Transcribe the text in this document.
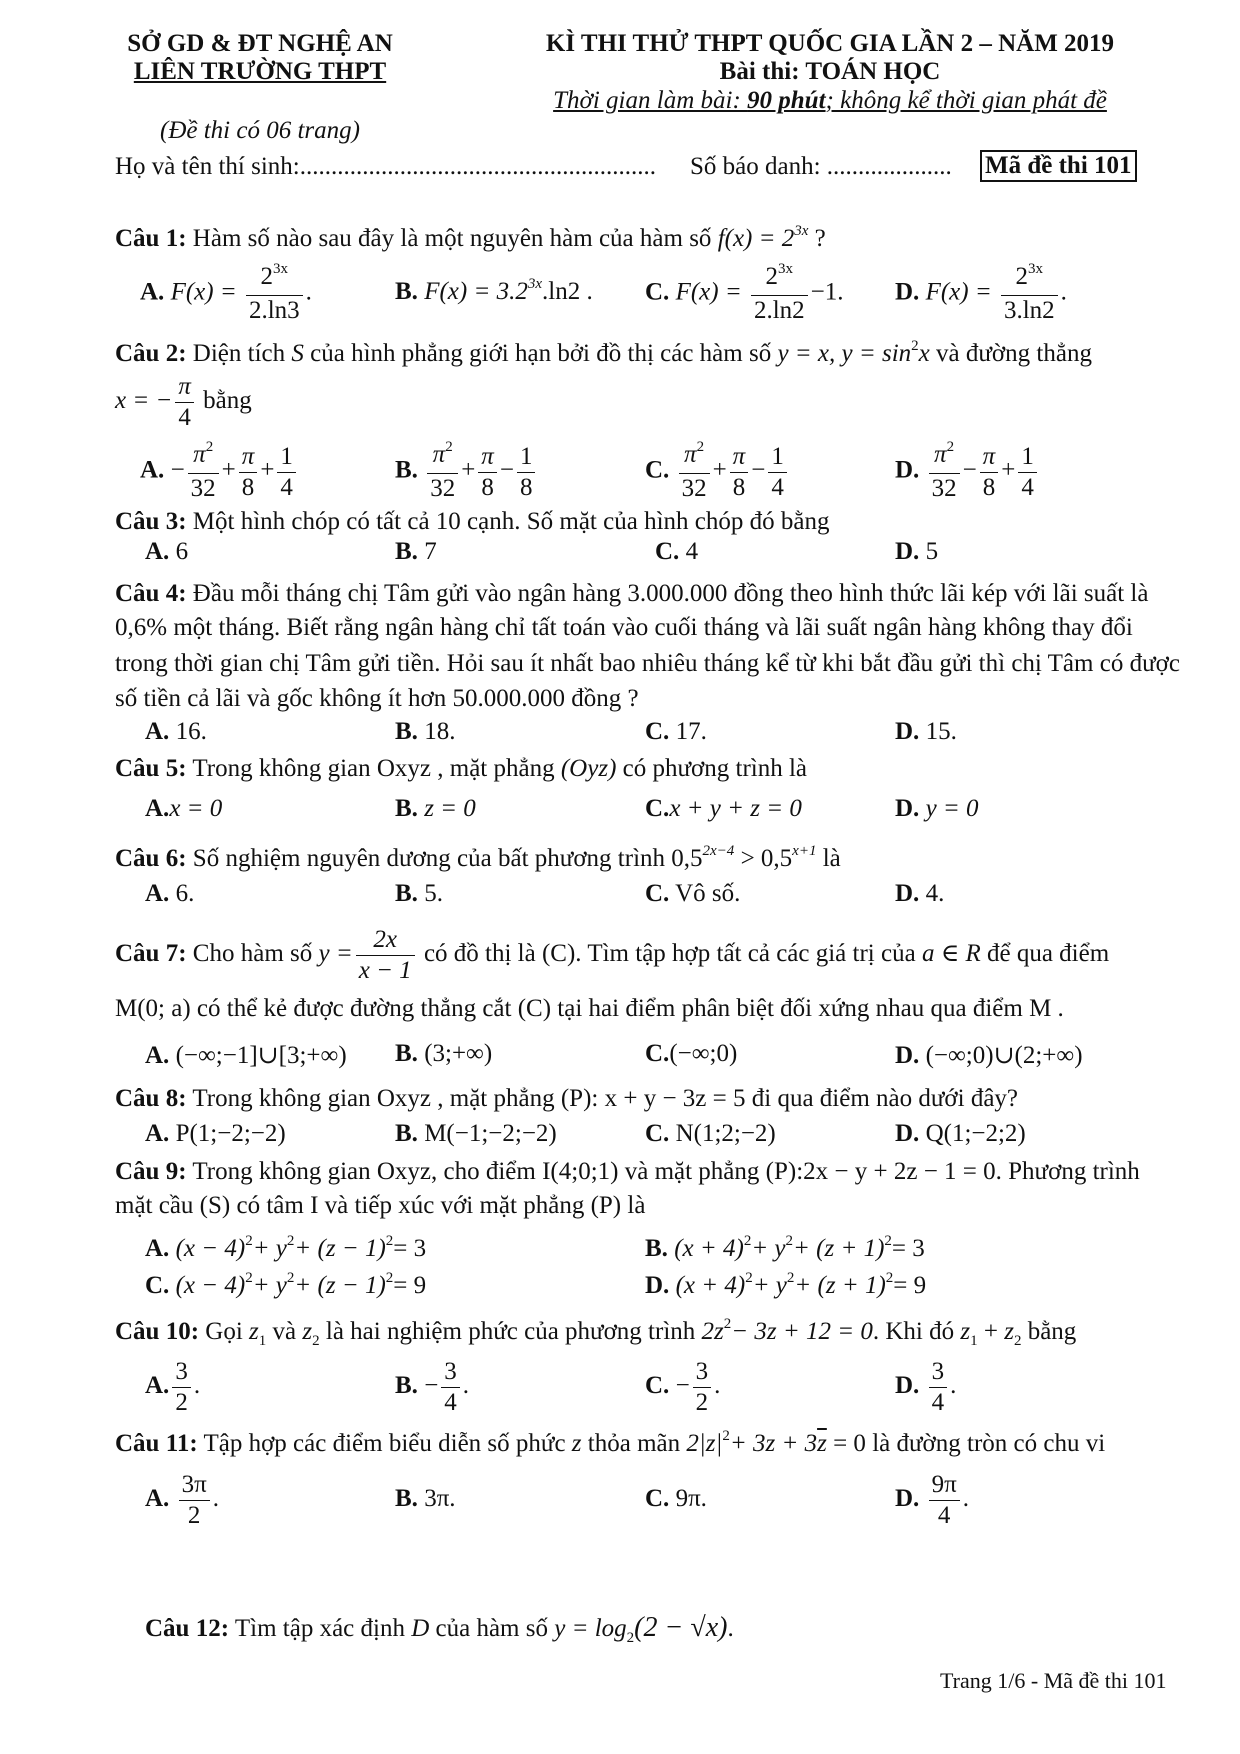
SỞ GD & ĐT NGHỆ AN
LIÊN TRƯỜNG THPT
(Đề thi có 06 trang)
KÌ THI THỬ THPT QUỐC GIA LẦN 2 – NĂM 2019
Bài thi: TOÁN HỌC
Thời gian làm bài: 90 phút; không kể thời gian phát đề
Họ và tên thí sinh:......................................................... Số báo danh: .................... Mã đề thi 101
Câu 1: Hàm số nào sau đây là một nguyên hàm của hàm số $f(x) = 2^{3x}$ ?
A. $F(x) = \frac{2^{3x}}{2.\ln 3}$ .	B. $F(x) = 3.2^{3x}.\ln 2$ . C. $F(x) = \frac{2^{3x}}{2.\ln 2} -1$. D. $F(x) = \frac{2^{3x}}{3.\ln 2}$ .
Câu 2: Diện tích S của hình phẳng giới hạn bởi đồ thị các hàm số y = x, $y = \sin^2x$ và đường thẳng
x = − $\frac{\pi}{4}$ bằng
A. − $\frac{\pi^2}{32} + \frac{\pi}{8} + \frac{1}{4}$	B. $\frac{\pi^2}{32} + \frac{\pi}{8} - \frac{1}{8}$	C. $\frac{\pi^2}{32} + \frac{\pi}{8} - \frac{1}{4}$	D. $\frac{\pi^2}{32} - \frac{\pi}{8} + \frac{1}{4}$
Câu 3: Một hình chóp có tất cả 10 cạnh. Số mặt của hình chóp đó bằng
A. 6	B. 7	C. 4	D. 5
Câu 4: Đầu mỗi tháng chị Tâm gửi vào ngân hàng 3.000.000 đồng theo hình thức lãi kép với lãi suất là
0,6% một tháng. Biết rằng ngân hàng chỉ tất toán vào cuối tháng và lãi suất ngân hàng không thay đổi
trong thời gian chị Tâm gửi tiền. Hỏi sau ít nhất bao nhiêu tháng kể từ khi bắt đầu gửi thì chị Tâm có được
số tiền cả lãi và gốc không ít hơn 50.000.000 đồng ?
A. 16.	B. 18.	C. 17.	D. 15.
Câu 5: Trong không gian Oxyz , mặt phẳng (Oyz) có phương trình là
A.x = 0	B. z = 0	C.x + y + z = 0	D. y = 0
Câu 6: Số nghiệm nguyên dương của bất phương trình $0,5^{2x-4} > 0,5^{x+1}$ là
A. 6.	B. 5.	C. Vô số.	D. 4.
Câu 7: Cho hàm số $y = \frac{2x}{x - 1}$ có đồ thị là (C). Tìm tập hợp tất cả các giá trị của a ∈ R để qua điểm
M(0; a) có thể kẻ được đường thẳng cắt (C) tại hai điểm phân biệt đối xứng nhau qua điểm M .
A. (−∞;−1]∪[3;+∞) B. (3;+∞)	C.(−∞;0)	D. (−∞;0)∪(2;+∞)
Câu 8: Trong không gian Oxyz , mặt phẳng (P): x + y − 3z = 5 đi qua điểm nào dưới đây?
A. P(1;−2;−2)	B. M(−1;−2;−2)	C. N(1;2;−2)	D. Q(1;−2;2)
Câu 9: Trong không gian Oxyz, cho điểm I(4;0;1) và mặt phẳng (P):2x − y + 2z − 1 = 0. Phương trình
mặt cầu (S) có tâm I và tiếp xúc với mặt phẳng (P) là
A. $(x - 4)^2+ y^2+ (z - 1)^2= 3$	B. $(x + 4)^2+ y^2+ (z + 1)^2= 3$
C. $(x - 4)^2+ y^2+ (z - 1)^2= 9$	D. $(x + 4)^2+ y^2+ (z + 1)^2= 9$
Câu 10: Gọi $z_1$ và $z_2$ là hai nghiệm phức của phương trình $2z^2- 3z + 12 = 0$. Khi đó $z_1 + z_2$ bằng
A. $\frac{3}{2}$ .	B. − $\frac{3}{4}$ .	C. − $\frac{3}{2}$ .	D. $\frac{3}{4}$ .
Câu 11: Tập hợp các điểm biểu diễn số phức z thỏa mãn $2|z|^2+ 3z + 3\overline{z} = 0$ là đường tròn có chu vi
A. $\frac{3\pi}{2}$ .	B. 3π.	C. 9π.	D. $\frac{9\pi}{4}$ .
Câu 12: Tìm tập xác định D của hàm số $y = \log_2(2 - √x)$.
Trang 1/6 - Mã đề thi 101
